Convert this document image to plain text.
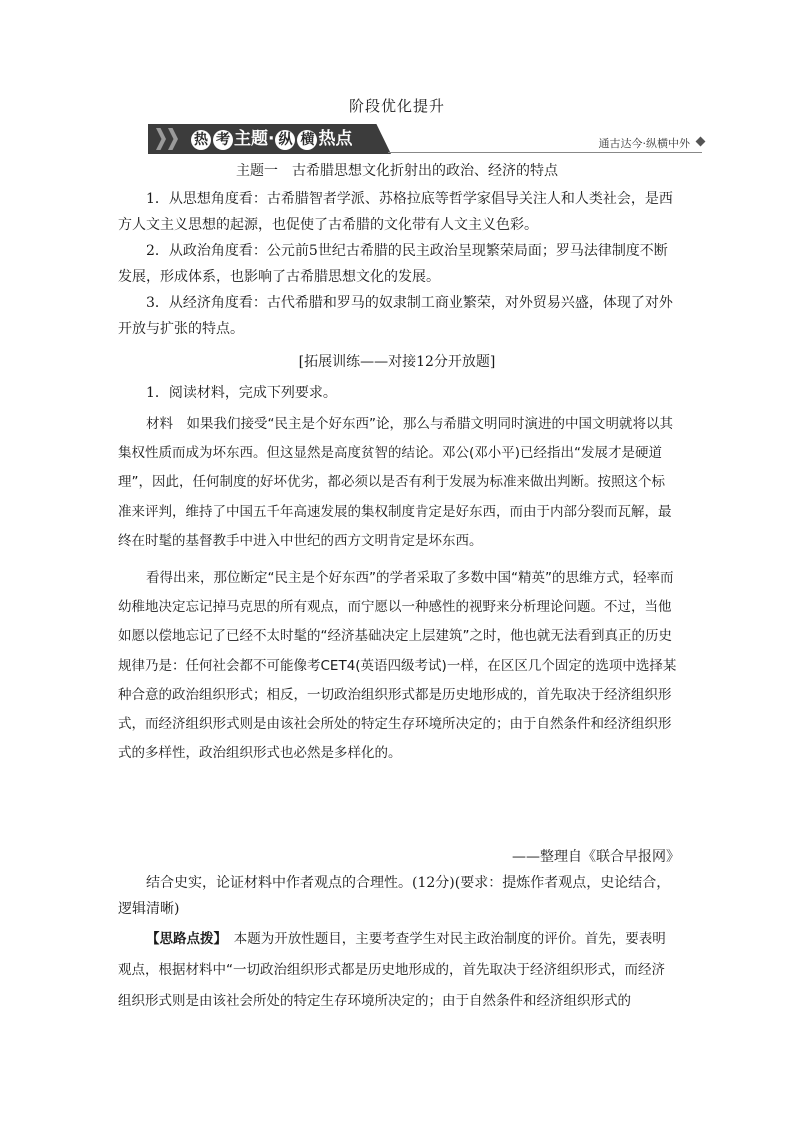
阶段优化提升
热 考 主题· 纵 横 热点	通古达今·纵横中外
主题一　古希腊思想文化折射出的政治、经济的特点

1．从思想角度看：古希腊智者学派、苏格拉底等哲学家倡导关注人和人类社会，是西方人文主义思想的起源，也促使了古希腊的文化带有人文主义色彩。

2．从政治角度看：公元前5世纪古希腊的民主政治呈现繁荣局面；罗马法律制度不断发展，形成体系，也影响了古希腊思想文化的发展。

3．从经济角度看：古代希腊和罗马的奴隶制工商业繁荣，对外贸易兴盛，体现了对外开放与扩张的特点。

[拓展训练——对接12分开放题]
1．阅读材料，完成下列要求。

材料　如果我们接受“民主是个好东西”论，那么与希腊文明同时演进的中国文明就将以其集权性质而成为坏东西。但这显然是高度贫智的结论。邓公(邓小平)已经指出“发展才是硬道理”，因此，任何制度的好坏优劣，都必须以是否有利于发展为标准来做出判断。按照这个标准来评判，维持了中国五千年高速发展的集权制度肯定是好东西，而由于内部分裂而瓦解，最终在时髦的基督教手中进入中世纪的西方文明肯定是坏东西。

看得出来，那位断定“民主是个好东西”的学者采取了多数中国“精英”的思维方式，轻率而幼稚地决定忘记掉马克思的所有观点，而宁愿以一种感性的视野来分析理论问题。不过，当他如愿以偿地忘记了已经不太时髦的“经济基础决定上层建筑”之时，他也就无法看到真正的历史规律乃是：任何社会都不可能像考CET4(英语四级考试)一样，在区区几个固定的选项中选择某种合意的政治组织形式；相反，一切政治组织形式都是历史地形成的，首先取决于经济组织形式，而经济组织形式则是由该社会所处的特定生存环境所决定的；由于自然条件和经济组织形式的多样性，政治组织形式也必然是多样化的。

——整理自《联合早报网》

结合史实，论证材料中作者观点的合理性。(12分)(要求：提炼作者观点，史论结合，逻辑清晰)

【思路点拨】　本题为开放性题目，主要考查学生对民主政治制度的评价。首先，要表明观点，根据材料中“一切政治组织形式都是历史地形成的，首先取决于经济组织形式，而经济组织形式则是由该社会所处的特定生存环境所决定的；由于自然条件和经济组织形式的
